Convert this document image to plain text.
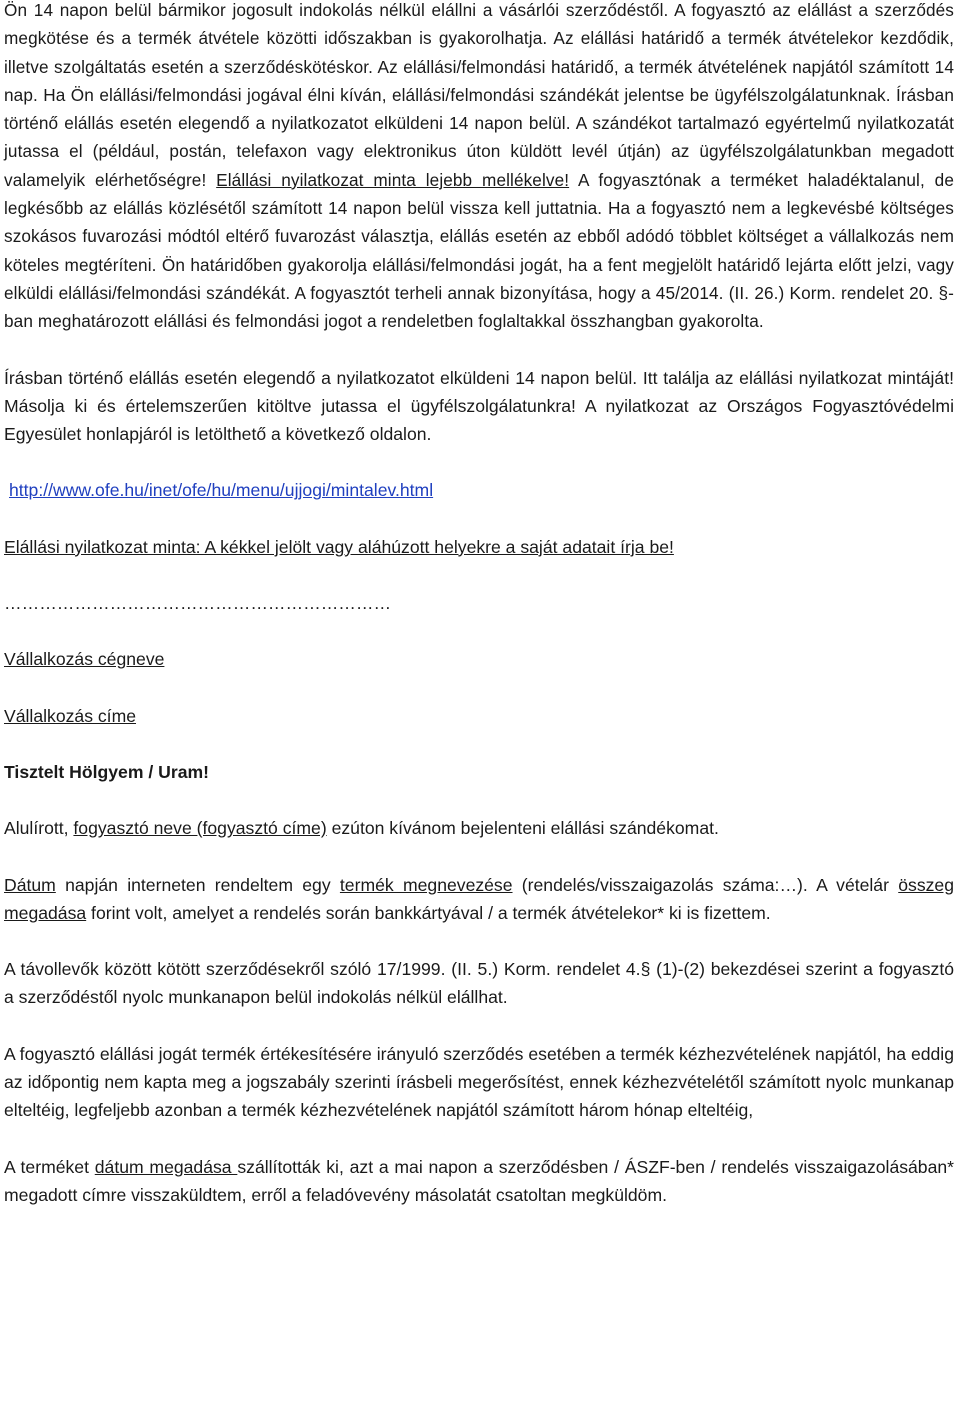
Ön 14 napon belül bármikor jogosult indokolás nélkül elállni a vásárlói szerződéstől. A fogyasztó az elállást a szerződés megkötése és a termék átvétele közötti időszakban is gyakorolhatja. Az elállási határidő a termék átvételekor kezdődik, illetve szolgáltatás esetén a szerződéskötéskor. Az elállási/felmondási határidő, a termék átvételének napjától számított 14 nap. Ha Ön elállási/felmondási jogával élni kíván, elállási/felmondási szándékát jelentse be ügyfélszolgálatunknak. Írásban történő elállás esetén elegendő a nyilatkozatot elküldeni 14 napon belül. A szándékot tartalmazó egyértelmű nyilatkozatát jutassa el (például, postán, telefaxon vagy elektronikus úton küldött levél útján) az ügyfélszolgálatunkban megadott valamelyik elérhetőségre! Elállási nyilatkozat minta lejebb mellékelve! A fogyasztónak a terméket haladéktalanul, de legkésőbb az elállás közlésétől számított 14 napon belül vissza kell juttatnia. Ha a fogyasztó nem a legkevésbé költséges szokásos fuvarozási módtól eltérő fuvarozást választja, elállás esetén az ebből adódó többlet költséget a vállalkozás nem köteles megtéríteni. Ön határidőben gyakorolja elállási/felmondási jogát, ha a fent megjelölt határidő lejárta előtt jelzi, vagy elküldi elállási/felmondási szándékát. A fogyasztót terheli annak bizonyítása, hogy a 45/2014. (II. 26.) Korm. rendelet 20. §-ban meghatározott elállási és felmondási jogot a rendeletben foglaltakkal összhangban gyakorolta.

Írásban történő elállás esetén elegendő a nyilatkozatot elküldeni 14 napon belül. Itt találja az elállási nyilatkozat mintáját! Másolja ki és értelemszerűen kitöltve jutassa el ügyfélszolgálatunkra! A nyilatkozat az Országos Fogyasztóvédelmi Egyesület honlapjáról is letölthető a következő oldalon.

http://www.ofe.hu/inet/ofe/hu/menu/ujjogi/mintalev.html

Elállási nyilatkozat minta: A kékkel jelölt vagy aláhúzott helyekre a saját adatait írja be!

…………………………………………………………

Vállalkozás cégneve

Vállalkozás címe

Tisztelt Hölgyem / Uram!

Alulírott, fogyasztó neve (fogyasztó címe) ezúton kívánom bejelenteni elállási szándékomat.

Dátum napján interneten rendeltem egy termék megnevezése (rendelés/visszaigazolás száma:…). A vételár összeg megadása forint volt, amelyet a rendelés során bankkártyával / a termék átvételekor* ki is fizettem.

A távollevők között kötött szerződésekről szóló 17/1999. (II. 5.) Korm. rendelet 4.§ (1)-(2) bekezdései szerint a fogyasztó a szerződéstől nyolc munkanapon belül indokolás nélkül elállhat.

A fogyasztó elállási jogát termék értékesítésére irányuló szerződés esetében a termék kézhezvételének napjától, ha eddig az időpontig nem kapta meg a jogszabály szerinti írásbeli megerősítést, ennek kézhezvételétől számított nyolc munkanap elteltéig, legfeljebb azonban a termék kézhezvételének napjától számított három hónap elteltéig,

A terméket dátum megadása szállították ki, azt a mai napon a szerződésben / ÁSZF-ben / rendelés visszaigazolásában* megadott címre visszaküldtem, erről a feladóvevény másolatát csatoltan megküldöm.
